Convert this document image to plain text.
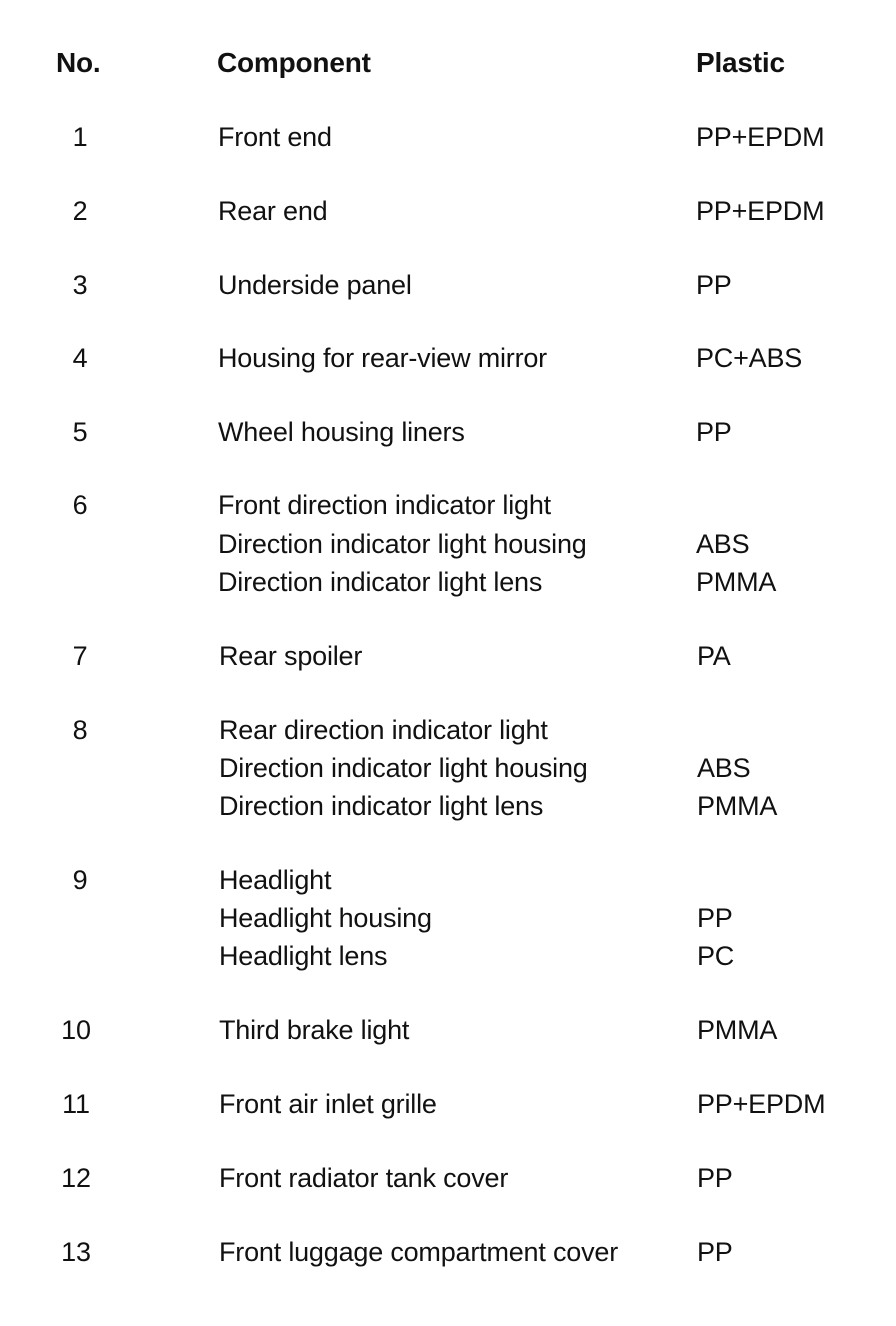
No.	Component	Plastic
1	Front end	PP+EPDM
2	Rear end	PP+EPDM
3	Underside panel	PP
4	Housing for rear-view mirror	PC+ABS
5	Wheel housing liners	PP
6	Front direction indicator light
Direction indicator light housing	ABS
Direction indicator light lens	PMMA
7	Rear spoiler	PA
8	Rear direction indicator light
Direction indicator light housing	ABS
Direction indicator light lens	PMMA
9	Headlight
Headlight housing	PP
Headlight lens	PC
10	Third brake light	PMMA
11	Front air inlet grille	PP+EPDM
12	Front radiator tank cover	PP
13	Front luggage compartment cover	PP
